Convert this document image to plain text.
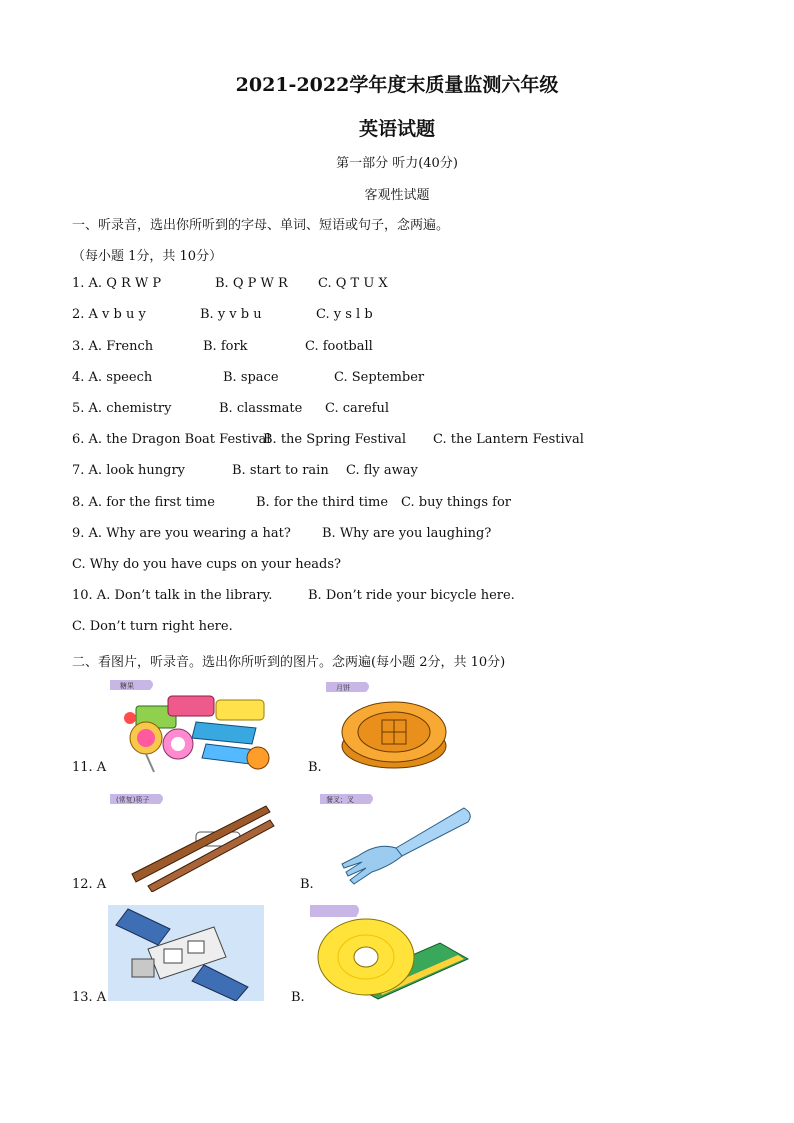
2021-2022学年度末质量监测六年级
英语试题
第一部分 听力(40分)
客观性试题
一、听录音，选出你所听到的字母、单词、短语或句子，念两遍。
（每小题 1分，共 10分）
1. A. Q R W P	B. Q P W R C. Q T U X
2. A v b u y	B. y v b u	C. y s l b
3. A. French	B. fork	C. football
4. A. speech	B. space	C. September
5. A. chemistry	B. classmate C. careful
6. A. the Dragon Boat Festival
B. the Spring Festival C. the Lantern Festival
7. A. look hungry	B. start to rain C. fly away
8. A. for the first time	B. for the third time C. buy things for
9. A. Why are you wearing a hat? B. Why are you laughing?
C. Why do you have cups on your heads?
10. A. Don’t talk in the library.	B. Don’t ride your bicycle here.
C. Don’t turn right here.
二、看图片，听录音。选出你所听到的图片。念两遍(每小题 2分，共 10分)
11. A
糖果
B.
月饼
12. A
(常复)筷子
B.
餐叉；叉
13. A	B.
